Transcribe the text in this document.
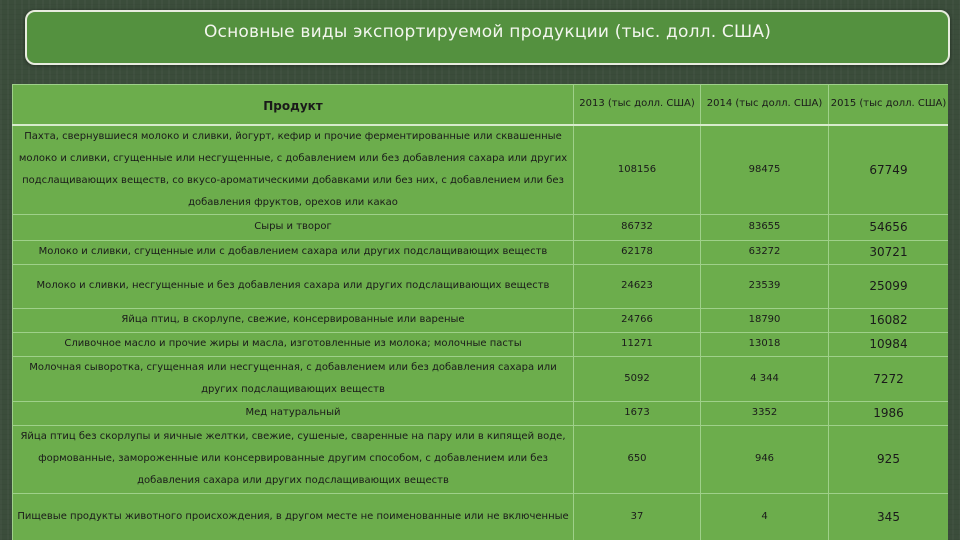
Основные виды экспортируемой продукции (тыс. долл. США)
Продукт	2013 (тыс долл. США)	2014 (тыс долл. США)	2015 (тыс долл. США)
Пахта, свернувшиеся молоко и сливки, йогурт, кефир и прочие ферментированные или сквашенные молоко и сливки, сгущенные или несгущенные, с добавлением или без добавления сахара или других подслащивающих веществ, со вкусо-ароматическими добавками или без них, с добавлением или без добавления фруктов, орехов или какао	108156	98475	67749
Сыры и творог	86732	83655	54656
Молоко и сливки, сгущенные или с добавлением сахара или других подслащивающих веществ	62178	63272	30721
Молоко и сливки, несгущенные и без добавления сахара или других подслащивающих веществ	24623	23539	25099
Яйца птиц, в скорлупе, свежие, консервированные или вареные	24766	18790	16082
Сливочное масло и прочие жиры и масла, изготовленные из молока; молочные пасты	11271	13018	10984
Молочная сыворотка, сгущенная или несгущенная, с добавлением или без добавления сахара или других подслащивающих веществ	5092	4 344	7272
Мед натуральный	1673	3352	1986
Яйца птиц без скорлупы и яичные желтки, свежие, сушеные, сваренные на пару или в кипящей воде, формованные, замороженные или консервированные другим способом, с добавлением или без добавления сахара или других подслащивающих веществ	650	946	925
Пищевые продукты животного происхождения, в другом месте не поименованные или не включенные	37	4	345
